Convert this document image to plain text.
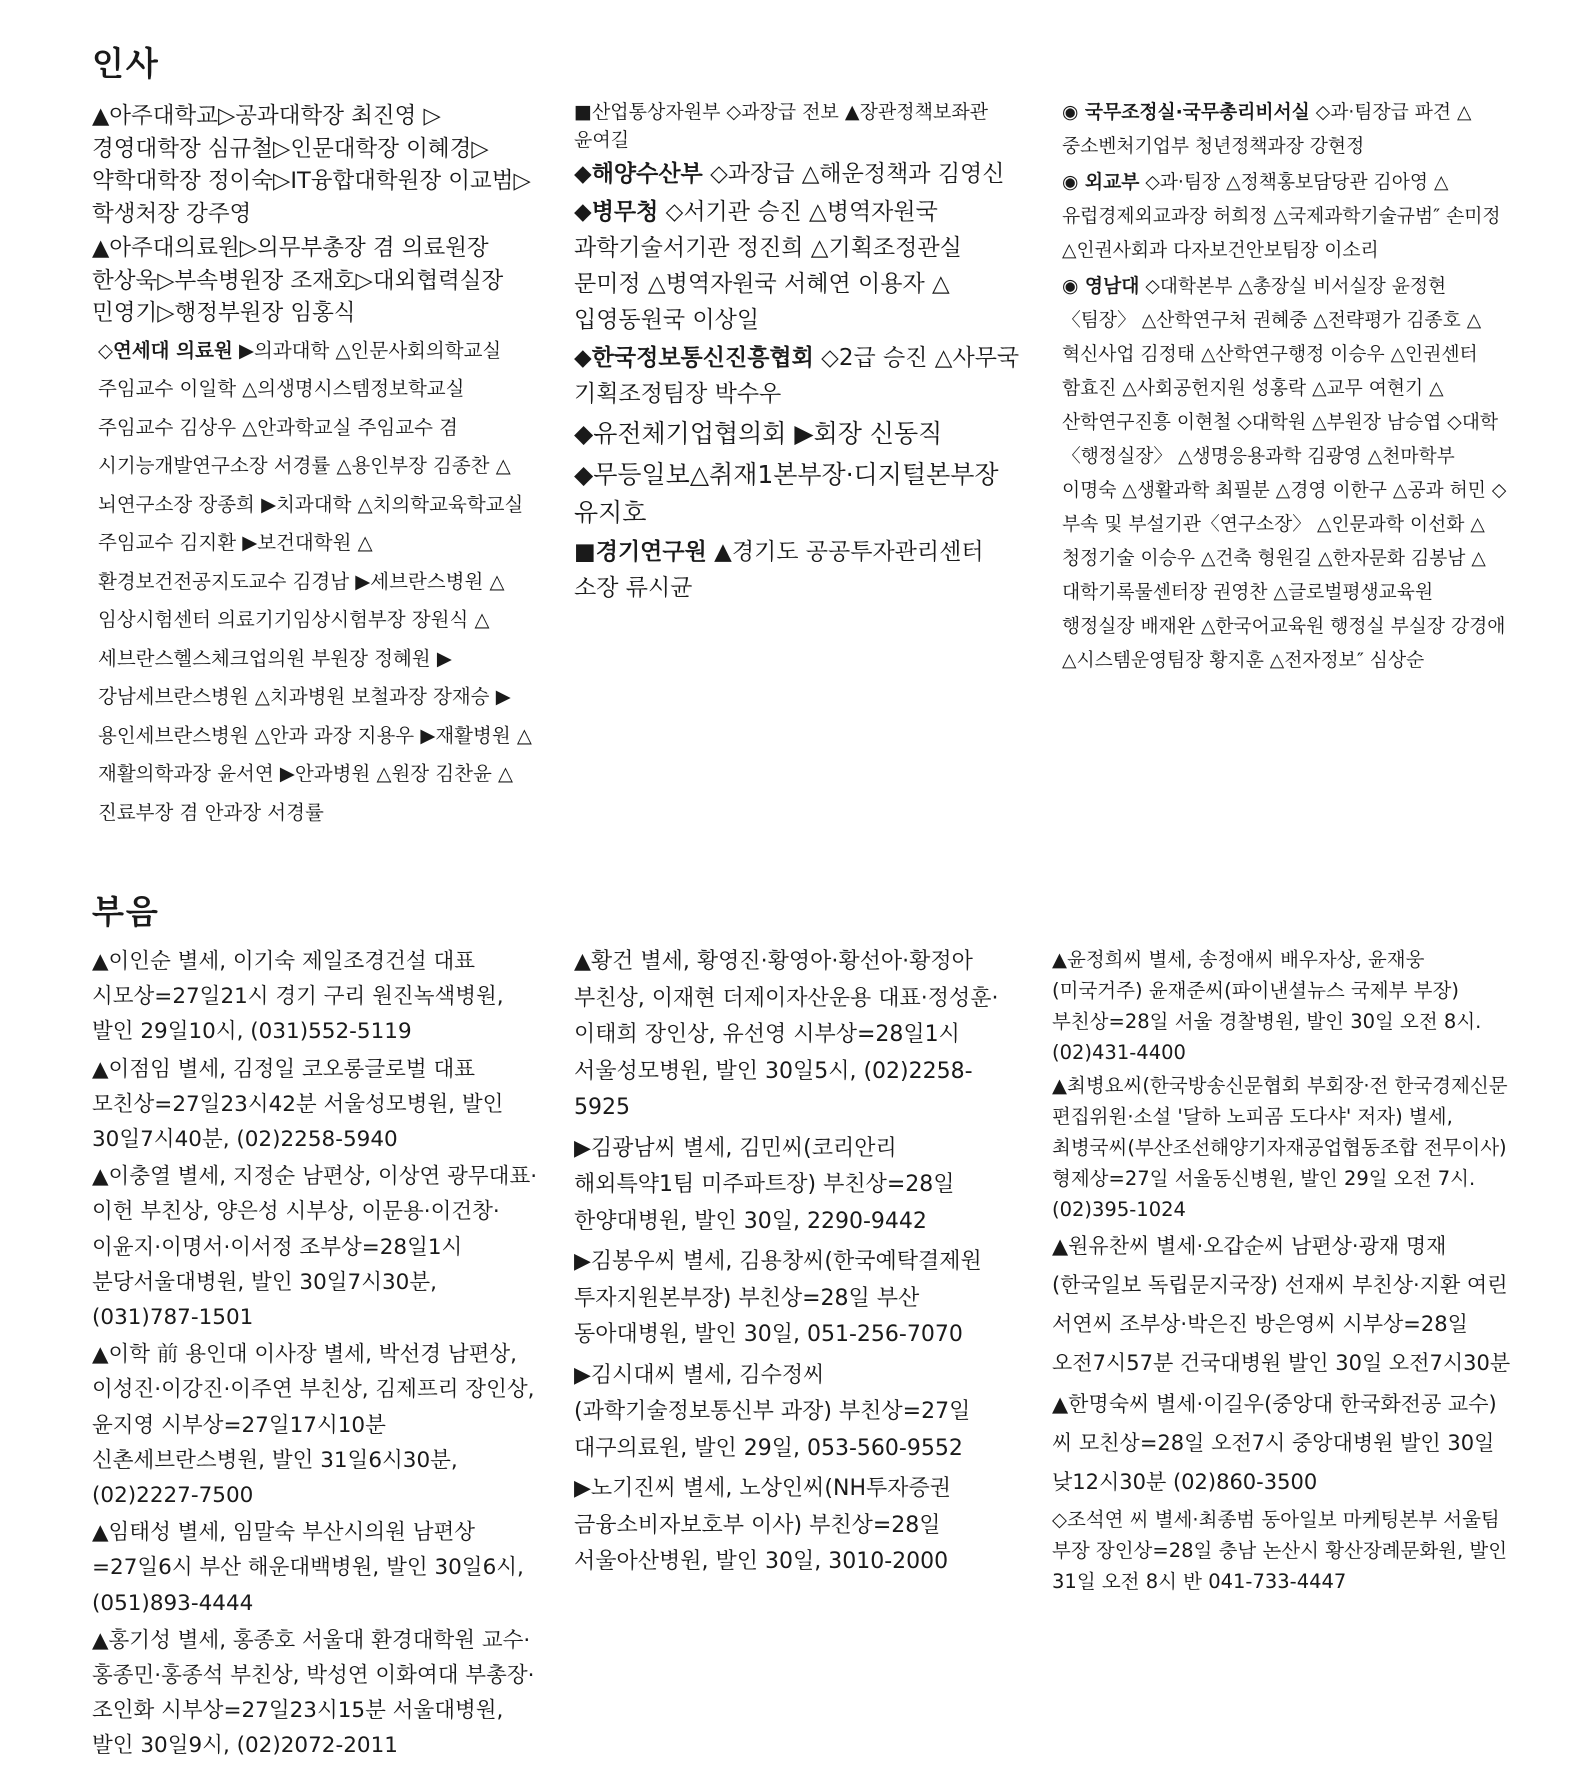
인사

▲아주대학교▷공과대학장 최진영 ▷경영대학장 심규철▷인문대학장 이혜경▷약학대학장 정이숙▷IT융합대학원장 이교범▷학생처장 강주영

▲아주대의료원▷의무부총장 겸 의료원장 한상욱▷부속병원장 조재호▷대외협력실장 민영기▷행정부원장 임홍식

◇연세대 의료원 ▶의과대학 △인문사회의학교실 주임교수 이일학 △의생명시스템정보학교실 주임교수 김상우 △안과학교실 주임교수 겸 시기능개발연구소장 서경률 △용인부장 김종찬 △뇌연구소장 장종희 ▶치과대학 △치의학교육학교실 주임교수 김지환 ▶보건대학원 △환경보건전공지도교수 김경남 ▶세브란스병원 △임상시험센터 의료기기임상시험부장 장원식 △세브란스헬스체크업의원 부원장 정혜원 ▶강남세브란스병원 △치과병원 보철과장 장재승 ▶용인세브란스병원 △안과 과장 지용우 ▶재활병원 △재활의학과장 윤서연 ▶안과병원 △원장 김찬윤 △진료부장 겸 안과장 서경률

■산업통상자원부 ◇과장급 전보 ▲장관정책보좌관 윤여길

◆해양수산부 ◇과장급 △해운정책과 김영신

◆병무청 ◇서기관 승진 △병역자원국 과학기술서기관 정진희 △기획조정관실 문미정 △병역자원국 서혜연 이용자 △입영동원국 이상일

◆한국정보통신진흥협회 ◇2급 승진 △사무국 기획조정팀장 박수우

◆유전체기업협의회 ▶회장 신동직

◆무등일보△취재1본부장·디지털본부장 유지호

■경기연구원 ▲경기도 공공투자관리센터 소장 류시균

◉ 국무조정실·국무총리비서실 ◇과·팀장급 파견 △중소벤처기업부 청년정책과장 강현정

◉ 외교부 ◇과·팀장 △정책홍보담당관 김아영 △유럽경제외교과장 허희정 △국제과학기술규범″ 손미정 △인권사회과 다자보건안보팀장 이소리

◉ 영남대 ◇대학본부 △총장실 비서실장 윤정현〈팀장〉 △산학연구처 권혜중 △전략평가 김종호 △혁신사업 김정태 △산학연구행정 이승우 △인권센터 함효진 △사회공헌지원 성홍락 △교무 여현기 △산학연구진흥 이현철 ◇대학원 △부원장 남승엽 ◇대학〈행정실장〉 △생명응용과학 김광영 △천마학부 이명숙 △생활과학 최필분 △경영 이한구 △공과 허민 ◇부속 및 부설기관〈연구소장〉 △인문과학 이선화 △청정기술 이승우 △건축 형원길 △한자문화 김봉남 △대학기록물센터장 권영찬 △글로벌평생교육원 행정실장 배재완 △한국어교육원 행정실 부실장 강경애 △시스템운영팀장 황지훈 △전자정보″ 심상순

부음

▲이인순 별세, 이기숙 제일조경건설 대표 시모상=27일21시 경기 구리 원진녹색병원, 발인 29일10시, (031)552-5119

▲이점임 별세, 김정일 코오롱글로벌 대표 모친상=27일23시42분 서울성모병원, 발인 30일7시40분, (02)2258-5940

▲이충열 별세, 지정순 남편상, 이상연 광무대표·이헌 부친상, 양은성 시부상, 이문용·이건창·이윤지·이명서·이서정 조부상=28일1시 분당서울대병원, 발인 30일7시30분, (031)787-1501

▲이학 前 용인대 이사장 별세, 박선경 남편상, 이성진·이강진·이주연 부친상, 김제프리 장인상, 윤지영 시부상=27일17시10분 신촌세브란스병원, 발인 31일6시30분, (02)2227-7500

▲임태성 별세, 임말숙 부산시의원 남편상=27일6시 부산 해운대백병원, 발인 30일6시, (051)893-4444

▲홍기성 별세, 홍종호 서울대 환경대학원 교수·홍종민·홍종석 부친상, 박성연 이화여대 부총장·조인화 시부상=27일23시15분 서울대병원, 발인 30일9시, (02)2072-2011

▲황건 별세, 황영진·황영아·황선아·황정아 부친상, 이재현 더제이자산운용 대표·정성훈·이태희 장인상, 유선영 시부상=28일1시 서울성모병원, 발인 30일5시, (02)2258-5925

▶김광남씨 별세, 김민씨(코리안리 해외특약1팀 미주파트장) 부친상=28일 한양대병원, 발인 30일, 2290-9442

▶김봉우씨 별세, 김용창씨(한국예탁결제원 투자지원본부장) 부친상=28일 부산 동아대병원, 발인 30일, 051-256-7070

▶김시대씨 별세, 김수정씨(과학기술정보통신부 과장) 부친상=27일 대구의료원, 발인 29일, 053-560-9552

▶노기진씨 별세, 노상인씨(NH투자증권 금융소비자보호부 이사) 부친상=28일 서울아산병원, 발인 30일, 3010-2000

▲윤정희씨 별세, 송정애씨 배우자상, 윤재웅(미국거주) 윤재준씨(파이낸셜뉴스 국제부 부장) 부친상=28일 서울 경찰병원, 발인 30일 오전 8시. (02)431-4400

▲최병요씨(한국방송신문협회 부회장·전 한국경제신문 편집위원·소설 '달하 노피곰 도다샤' 저자) 별세, 최병국씨(부산조선해양기자재공업협동조합 전무이사) 형제상=27일 서울동신병원, 발인 29일 오전 7시. (02)395-1024

▲원유찬씨 별세·오갑순씨 남편상·광재 명재(한국일보 독립문지국장) 선재씨 부친상·지환 여린 서연씨 조부상·박은진 방은영씨 시부상=28일 오전7시57분 건국대병원 발인 30일 오전7시30분

▲한명숙씨 별세·이길우(중앙대 한국화전공 교수)씨 모친상=28일 오전7시 중앙대병원 발인 30일 낮12시30분 (02)860-3500

◇조석연 씨 별세·최종범 동아일보 마케팅본부 서울팀 부장 장인상=28일 충남 논산시 황산장례문화원, 발인 31일 오전 8시 반 041-733-4447
